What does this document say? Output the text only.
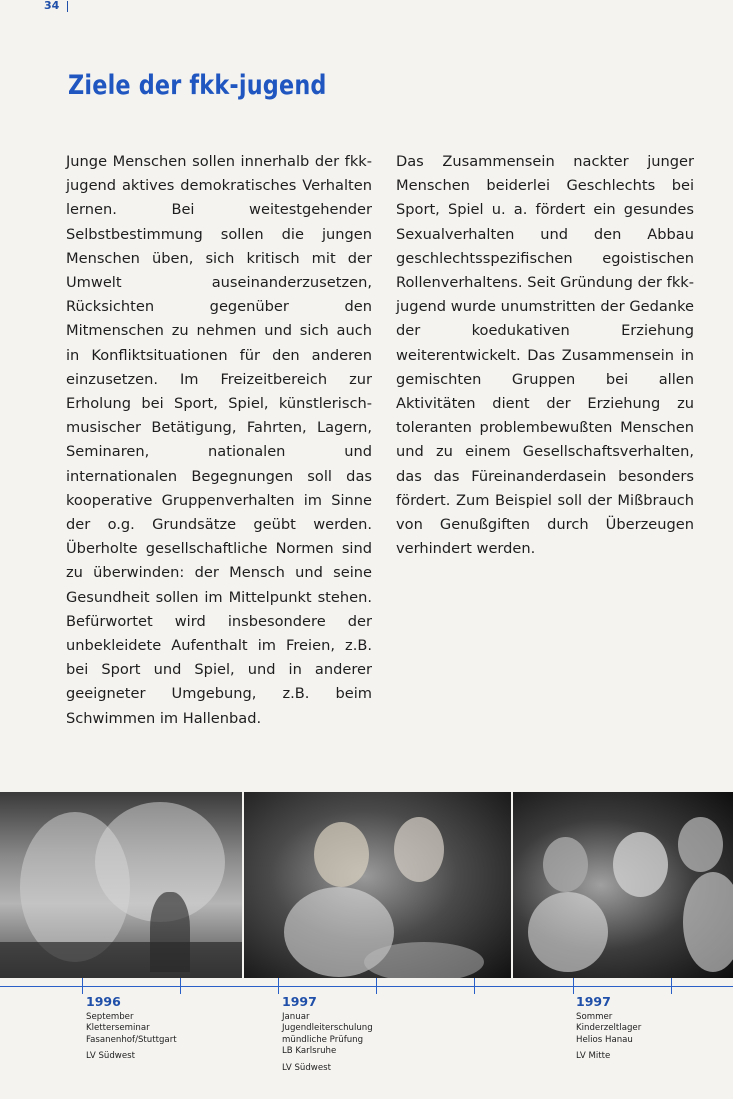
34
Ziele der fkk-jugend
Junge Menschen sollen innerhalb der fkk-jugend aktives demokratisches Verhalten lernen. Bei weitestgehender Selbstbestimmung sollen die jungen Menschen üben, sich kritisch mit der Umwelt auseinanderzusetzen, Rücksichten gegenüber den Mitmenschen zu nehmen und sich auch in Konfliktsituationen für den anderen einzusetzen. Im Freizeitbereich zur Erholung bei Sport, Spiel, künstlerisch-musischer Betätigung, Fahrten, Lagern, Seminaren, nationalen und internationalen Begegnungen soll das kooperative Gruppenverhalten im Sinne der o.g. Grundsätze geübt werden. Überholte gesellschaftliche Normen sind zu überwinden: der Mensch und seine Gesundheit sollen im Mittelpunkt stehen. Befürwortet wird insbesondere der unbekleidete Aufenthalt im Freien, z.B. bei Sport und Spiel, und in anderer geeigneter Umgebung, z.B. beim Schwimmen im Hallenbad.
Das Zusammensein nackter junger Menschen beiderlei Geschlechts bei Sport, Spiel u. a. fördert ein gesundes Sexualverhalten und den Abbau geschlechtsspezifischen egoistischen Rollenverhaltens. Seit Gründung der fkk-jugend wurde unumstritten der Gedanke der koedukativen Erziehung weiterentwickelt. Das Zusammensein in gemischten Gruppen bei allen Aktivitäten dient der Erziehung zu toleranten problembewußten Menschen und zu einem Gesellschaftsverhalten, das das Füreinanderdasein besonders fördert. Zum Beispiel soll der Mißbrauch von Genußgiften durch Überzeugen verhindert werden.
1996
September
Kletterseminar
Fasanenhof/Stuttgart
LV Südwest
1997
Januar
Jugendleiterschulung
mündliche Prüfung
LB Karlsruhe
LV Südwest
1997
Sommer
Kinderzeltlager
Helios Hanau
LV Mitte
